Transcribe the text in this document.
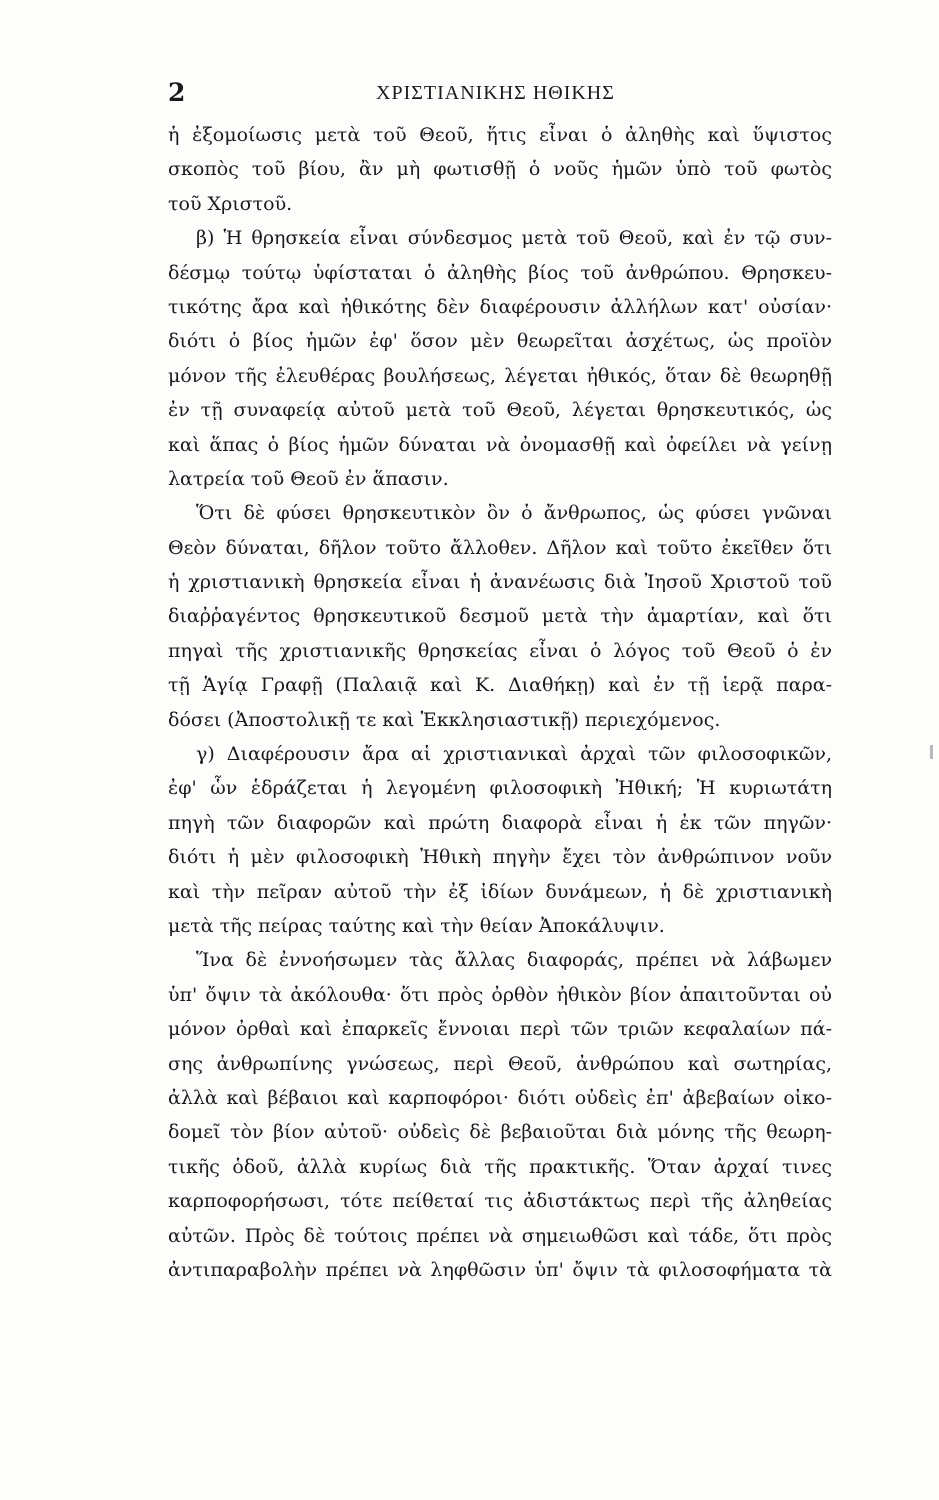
2	ΧΡΙΣΤΙΑΝΙΚΗΣ ΗΘΙΚΗΣ
ἡ ἐξομοίωσις μετὰ τοῦ Θεοῦ, ἥτις εἶναι ὁ ἀληθὴς καὶ ὕψιστος
σκοπὸς τοῦ βίου, ἂν μὴ φωτισθῇ ὁ νοῦς ἡμῶν ὑπὸ τοῦ φωτὸς
τοῦ Χριστοῦ.
β) Ἡ θρησκεία εἶναι σύνδεσμος μετὰ τοῦ Θεοῦ, καὶ ἐν τῷ συν-
δέσμῳ τούτῳ ὑφίσταται ὁ ἀληθὴς βίος τοῦ ἀνθρώπου. Θρησκευ-
τικότης ἄρα καὶ ἠθικότης δὲν διαφέρουσιν ἀλλήλων κατ' οὐσίαν·
διότι ὁ βίος ἡμῶν ἐφ' ὅσον μὲν θεωρεῖται ἀσχέτως, ὡς προϊὸν
μόνον τῆς ἐλευθέρας βουλήσεως, λέγεται ἠθικός, ὅταν δὲ θεωρηθῇ
ἐν τῇ συναφείᾳ αὐτοῦ μετὰ τοῦ Θεοῦ, λέγεται θρησκευτικός, ὡς
καὶ ἅπας ὁ βίος ἡμῶν δύναται νὰ ὀνομασθῇ καὶ ὀφείλει νὰ γείνῃ
λατρεία τοῦ Θεοῦ ἐν ἅπασιν.
Ὅτι δὲ φύσει θρησκευτικὸν ὂν ὁ ἄνθρωπος, ὡς φύσει γνῶναι
Θεὸν δύναται, δῆλον τοῦτο ἄλλοθεν. Δῆλον καὶ τοῦτο ἐκεῖθεν ὅτι
ἡ χριστιανικὴ θρησκεία εἶναι ἡ ἀνανέωσις διὰ Ἰησοῦ Χριστοῦ τοῦ
διαῤῥαγέντος θρησκευτικοῦ δεσμοῦ μετὰ τὴν ἁμαρτίαν, καὶ ὅτι
πηγαὶ τῆς χριστιανικῆς θρησκείας εἶναι ὁ λόγος τοῦ Θεοῦ ὁ ἐν
τῇ Ἁγίᾳ Γραφῇ (Παλαιᾷ καὶ Κ. Διαθήκῃ) καὶ ἐν τῇ ἱερᾷ παρα-
δόσει (Ἀποστολικῇ τε καὶ Ἐκκλησιαστικῇ) περιεχόμενος.
γ) Διαφέρουσιν ἄρα αἱ χριστιανικαὶ ἀρχαὶ τῶν φιλοσοφικῶν,
ἐφ' ὧν ἑδράζεται ἡ λεγομένη φιλοσοφικὴ Ἠθική; Ἡ κυριωτάτη
πηγὴ τῶν διαφορῶν καὶ πρώτη διαφορὰ εἶναι ἡ ἐκ τῶν πηγῶν·
διότι ἡ μὲν φιλοσοφικὴ Ἠθικὴ πηγὴν ἔχει τὸν ἀνθρώπινον νοῦν
καὶ τὴν πεῖραν αὐτοῦ τὴν ἐξ ἰδίων δυνάμεων, ἡ δὲ χριστιανικὴ
μετὰ τῆς πείρας ταύτης καὶ τὴν θείαν Ἀποκάλυψιν.
Ἵνα δὲ ἐννοήσωμεν τὰς ἄλλας διαφοράς, πρέπει νὰ λάβωμεν
ὑπ' ὄψιν τὰ ἀκόλουθα· ὅτι πρὸς ὀρθὸν ἠθικὸν βίον ἀπαιτοῦνται οὐ
μόνον ὀρθαὶ καὶ ἐπαρκεῖς ἔννοιαι περὶ τῶν τριῶν κεφαλαίων πά-
σης ἀνθρωπίνης γνώσεως, περὶ Θεοῦ, ἀνθρώπου καὶ σωτηρίας,
ἀλλὰ καὶ βέβαιοι καὶ καρποφόροι· διότι οὐδεὶς ἐπ' ἀβεβαίων οἰκο-
δομεῖ τὸν βίον αὐτοῦ· οὐδεὶς δὲ βεβαιοῦται διὰ μόνης τῆς θεωρη-
τικῆς ὁδοῦ, ἀλλὰ κυρίως διὰ τῆς πρακτικῆς. Ὅταν ἀρχαί τινες
καρποφορήσωσι, τότε πείθεταί τις ἀδιστάκτως περὶ τῆς ἀληθείας
αὐτῶν. Πρὸς δὲ τούτοις πρέπει νὰ σημειωθῶσι καὶ τάδε, ὅτι πρὸς
ἀντιπαραβολὴν πρέπει νὰ ληφθῶσιν ὑπ' ὄψιν τὰ φιλοσοφήματα τὰ
